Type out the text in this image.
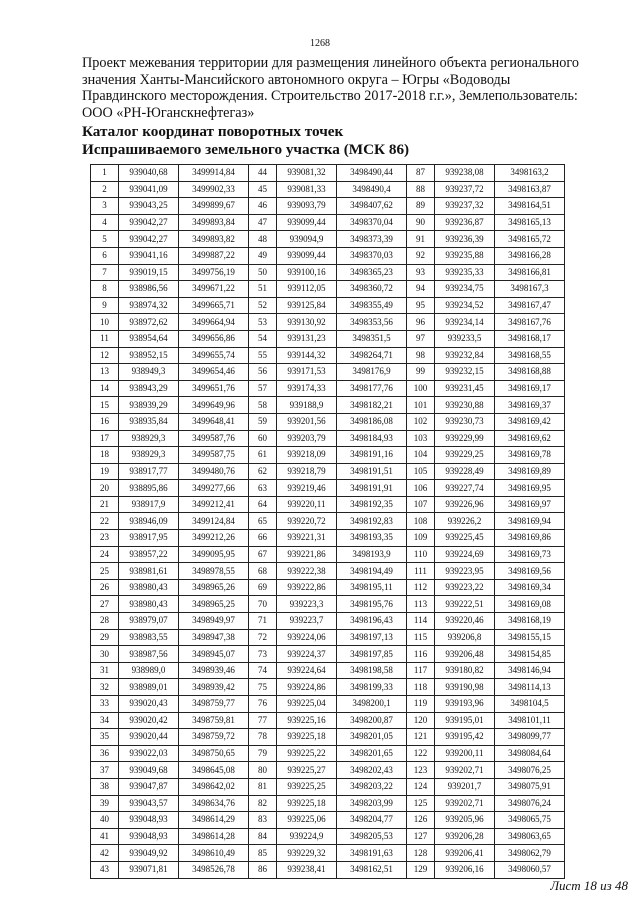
1268
Проект межевания территории для размещения линейного объекта регионального значения Ханты-Мансийского автономного округа – Югры «Водоводы Правдинского месторождения. Строительство 2017-2018 г.г.», Землепользователь: ООО «РН-Юганскнефтегаз»
Каталог координат поворотных точек
Испрашиваемого земельного участка (МСК 86)
1	939040,68	3499914,84	44	939081,32	3498490,44	87	939238,08	3498163,2
2	939041,09	3499902,33	45	939081,33	3498490,4	88	939237,72	3498163,87
3	939043,25	3499899,67	46	939093,79	3498407,62	89	939237,32	3498164,51
4	939042,27	3499893,84	47	939099,44	3498370,04	90	939236,87	3498165,13
5	939042,27	3499893,82	48	939094,9	3498373,39	91	939236,39	3498165,72
6	939041,16	3499887,22	49	939099,44	3498370,03	92	939235,88	3498166,28
7	939019,15	3499756,19	50	939100,16	3498365,23	93	939235,33	3498166,81
8	938986,56	3499671,22	51	939112,05	3498360,72	94	939234,75	3498167,3
9	938974,32	3499665,71	52	939125,84	3498355,49	95	939234,52	3498167,47
10	938972,62	3499664,94	53	939130,92	3498353,56	96	939234,14	3498167,76
11	938954,64	3499656,86	54	939131,23	3498351,5	97	939233,5	3498168,17
12	938952,15	3499655,74	55	939144,32	3498264,71	98	939232,84	3498168,55
13	938949,3	3499654,46	56	939171,53	3498176,9	99	939232,15	3498168,88
14	938943,29	3499651,76	57	939174,33	3498177,76	100	939231,45	3498169,17
15	938939,29	3499649,96	58	939188,9	3498182,21	101	939230,88	3498169,37
16	938935,84	3499648,41	59	939201,56	3498186,08	102	939230,73	3498169,42
17	938929,3	3499587,76	60	939203,79	3498184,93	103	939229,99	3498169,62
18	938929,3	3499587,75	61	939218,09	3498191,16	104	939229,25	3498169,78
19	938917,77	3499480,76	62	939218,79	3498191,51	105	939228,49	3498169,89
20	938895,86	3499277,66	63	939219,46	3498191,91	106	939227,74	3498169,95
21	938917,9	3499212,41	64	939220,11	3498192,35	107	939226,96	3498169,97
22	938946,09	3499124,84	65	939220,72	3498192,83	108	939226,2	3498169,94
23	938917,95	3499212,26	66	939221,31	3498193,35	109	939225,45	3498169,86
24	938957,22	3499095,95	67	939221,86	3498193,9	110	939224,69	3498169,73
25	938981,61	3498978,55	68	939222,38	3498194,49	111	939223,95	3498169,56
26	938980,43	3498965,26	69	939222,86	3498195,11	112	939223,22	3498169,34
27	938980,43	3498965,25	70	939223,3	3498195,76	113	939222,51	3498169,08
28	938979,07	3498949,97	71	939223,7	3498196,43	114	939220,46	3498168,19
29	938983,55	3498947,38	72	939224,06	3498197,13	115	939206,8	3498155,15
30	938987,56	3498945,07	73	939224,37	3498197,85	116	939206,48	3498154,85
31	938989,0	3498939,46	74	939224,64	3498198,58	117	939180,82	3498146,94
32	938989,01	3498939,42	75	939224,86	3498199,33	118	939190,98	3498114,13
33	939020,43	3498759,77	76	939225,04	3498200,1	119	939193,96	3498104,5
34	939020,42	3498759,81	77	939225,16	3498200,87	120	939195,01	3498101,11
35	939020,44	3498759,72	78	939225,18	3498201,05	121	939195,42	3498099,77
36	939022,03	3498750,65	79	939225,22	3498201,65	122	939200,11	3498084,64
37	939049,68	3498645,08	80	939225,27	3498202,43	123	939202,71	3498076,25
38	939047,87	3498642,02	81	939225,25	3498203,22	124	939201,7	3498075,91
39	939043,57	3498634,76	82	939225,18	3498203,99	125	939202,71	3498076,24
40	939048,93	3498614,29	83	939225,06	3498204,77	126	939205,96	3498065,75
41	939048,93	3498614,28	84	939224,9	3498205,53	127	939206,28	3498063,65
42	939049,92	3498610,49	85	939229,32	3498191,63	128	939206,41	3498062,79
43	939071,81	3498526,78	86	939238,41	3498162,51	129	939206,16	3498060,57
Лист 18 из 48
